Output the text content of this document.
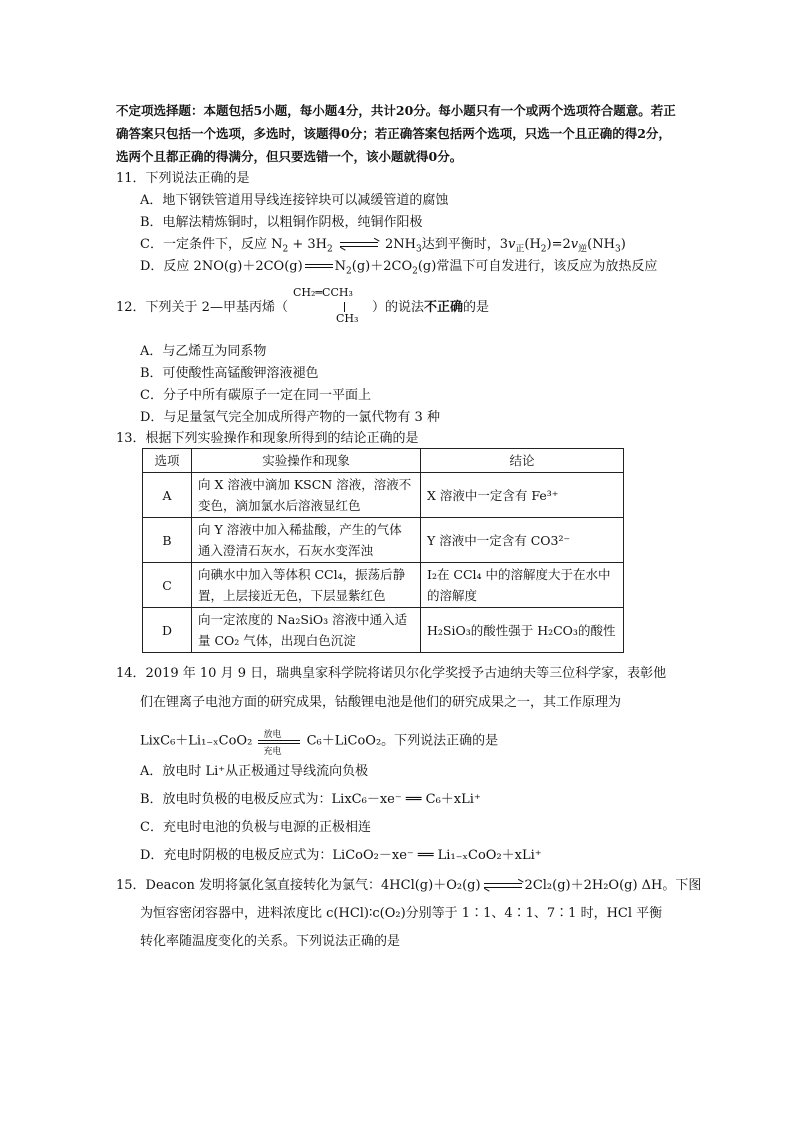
不定项选择题：本题包括5小题，每小题4分，共计20分。每小题只有一个或两个选项符合题意。若正确答案只包括一个选项，多选时，该题得0分；若正确答案包括两个选项，只选一个且正确的得2分，选两个且都正确的得满分，但只要选错一个，该小题就得0分。
11．下列说法正确的是
A．地下钢铁管道用导线连接锌块可以减缓管道的腐蚀
B．电解法精炼铜时，以粗铜作阴极，纯铜作阳极
C．一定条件下，反应 $N_2 + 3H_2$	$2NH_3$达到平衡时，$3v_正(H_2)=2v_逆(NH_3)$
D．反应 2NO(g)＋2CO(g) $N_2(g)+2CO_2(g)$常温下可自发进行，该反应为放热反应
12．下列关于 2—甲基丙烯（	）的说法不正确的是
CH₂═CCH₃
CH₃
A．与乙烯互为同系物
B．可使酸性高锰酸钾溶液褪色
C．分子中所有碳原子一定在同一平面上
D．与足量氢气完全加成所得产物的一氯代物有 3 种
13．根据下列实验操作和现象所得到的结论正确的是
选项	实验操作和现象	结论
A	向 X 溶液中滴加 KSCN 溶液，溶液不变色，滴加氯水后溶液显红色	X 溶液中一定含有 Fe³⁺
B	向 Y 溶液中加入稀盐酸，产生的气体通入澄清石灰水，石灰水变浑浊	Y 溶液中一定含有 CO3²⁻
C	向碘水中加入等体积 CCl₄，振荡后静置，上层接近无色，下层显紫红色	I₂在 CCl₄ 中的溶解度大于在水中的溶解度
D	向一定浓度的 Na₂SiO₃ 溶液中通入适量 CO₂ 气体，出现白色沉淀	H₂SiO₃的酸性强于 H₂CO₃的酸性
14．2019 年 10 月 9 日，瑞典皇家科学院将诺贝尔化学奖授予古迪纳夫等三位科学家，表彰他
们在锂离子电池方面的研究成果，钴酸锂电池是他们的研究成果之一，其工作原理为
LixC₆＋Li₁₋ₓCoO₂ 放电
充电
C₆＋LiCoO₂。下列说法正确的是
A．放电时 Li⁺从正极通过导线流向负极
B．放电时负极的电极反应式为：LixC₆－xe⁻ ══ C₆＋xLi⁺
C．充电时电池的负极与电源的正极相连
D．充电时阴极的电极反应式为：LiCoO₂－xe⁻ ══ Li₁₋ₓCoO₂＋xLi⁺
15．Deacon 发明将氯化氢直接转化为氯气：4HCl(g)＋O₂(g)	2Cl₂(g)＋2H₂O(g) ΔH。下图
为恒容密闭容器中，进料浓度比 c(HCl)∶c(O₂)分别等于 1∶1、4∶1、7∶1 时，HCl 平衡
转化率随温度变化的关系。下列说法正确的是
